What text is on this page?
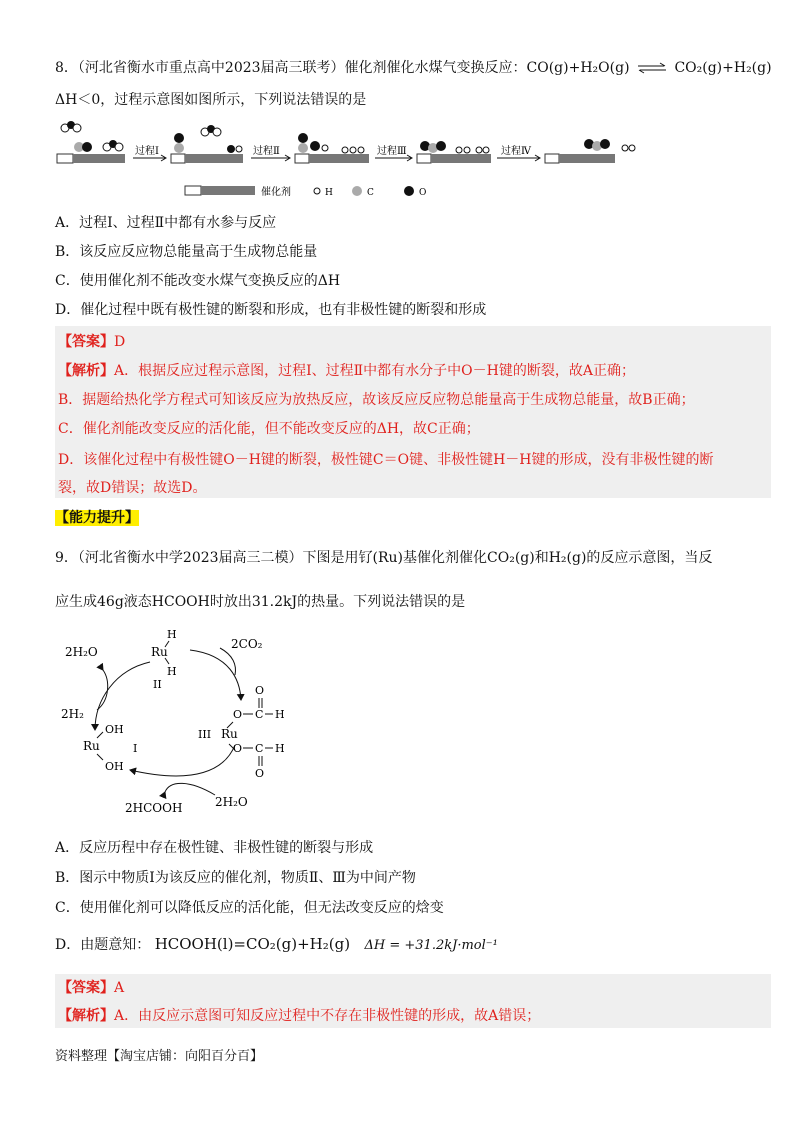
8．（河北省衡水市重点高中2023届高三联考）催化剂催化水煤气变换反应：CO(g)+H₂O(g) ⇌ CO₂(g)+H₂(g)
ΔH＜0，过程示意图如图所示，下列说法错误的是
过程Ⅰ	过程Ⅱ	过程Ⅲ	过程Ⅳ
催化剂	H	C	O
A．过程Ⅰ、过程Ⅱ中都有水参与反应
B．该反应反应物总能量高于生成物总能量
C．使用催化剂不能改变水煤气变换反应的ΔH
D．催化过程中既有极性键的断裂和形成，也有非极性键的断裂和形成
【答案】D
【解析】A．根据反应过程示意图，过程Ⅰ、过程Ⅱ中都有水分子中O－H键的断裂，故A正确；
B．据题给热化学方程式可知该反应为放热反应，故该反应反应物总能量高于生成物总能量，故B正确；
C．催化剂能改变反应的活化能，但不能改变反应的ΔH，故C正确；
D．该催化过程中有极性键O－H键的断裂，极性键C＝O键、非极性键H－H键的形成，没有非极性键的断
裂，故D错误；故选D。
【能力提升】
9．（河北省衡水中学2023届高三二模）下图是用钌(Ru)基催化剂催化CO₂(g)和H₂(g)的反应示意图，当反
应生成46g液态HCOOH时放出31.2kJ的热量。下列说法错误的是
Ru
H
H
II
III Ru
O
O C H
O C H
O
OH
Ru
OH
I
2H₂O
2H₂
2CO₂
2HCOOH	2H₂O
A．反应历程中存在极性键、非极性键的断裂与形成
B．图示中物质Ⅰ为该反应的催化剂，物质Ⅱ、Ⅲ为中间产物
C．使用催化剂可以降低反应的活化能，但无法改变反应的焓变
D．由题意知： HCOOH(l)=CO₂(g)+H₂(g) ΔH = +31.2kJ·mol⁻¹
【答案】A
【解析】A．由反应示意图可知反应过程中不存在非极性键的形成，故A错误；
资料整理【淘宝店铺：向阳百分百】
